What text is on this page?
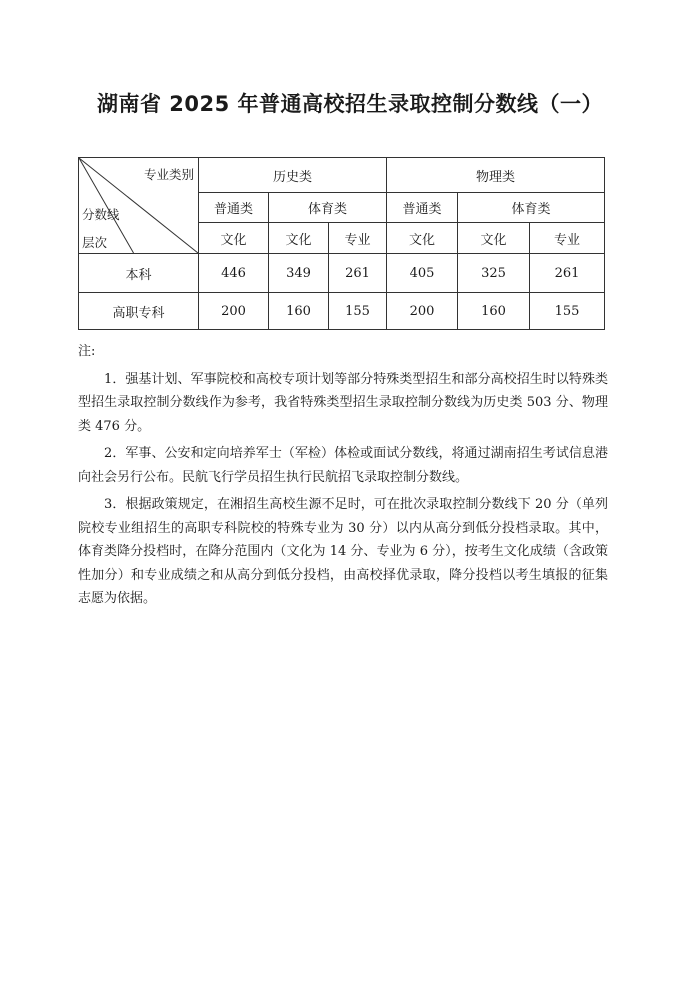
湖南省 2025 年普通高校招生录取控制分数线（一）
专业类别
分数线
层次	历史类			物理类		
	普通类	体育类		普通类	体育类	
	文化	文化	专业	文化	文化	专业
本科	446	349	261	405	325	261
高职专科	200	160	155	200	160	155
注:

1．强基计划、军事院校和高校专项计划等部分特殊类型招生和部分高校招生时以特殊类型招生录取控制分数线作为参考，我省特殊类型招生录取控制分数线为历史类 503 分、物理类 476 分。

2．军事、公安和定向培养军士（军检）体检或面试分数线，将通过湖南招生考试信息港向社会另行公布。民航飞行学员招生执行民航招飞录取控制分数线。

3．根据政策规定，在湘招生高校生源不足时，可在批次录取控制分数线下 20 分（单列院校专业组招生的高职专科院校的特殊专业为 30 分）以内从高分到低分投档录取。其中，体育类降分投档时，在降分范围内（文化为 14 分、专业为 6 分），按考生文化成绩（含政策性加分）和专业成绩之和从高分到低分投档，由高校择优录取，降分投档以考生填报的征集志愿为依据。
